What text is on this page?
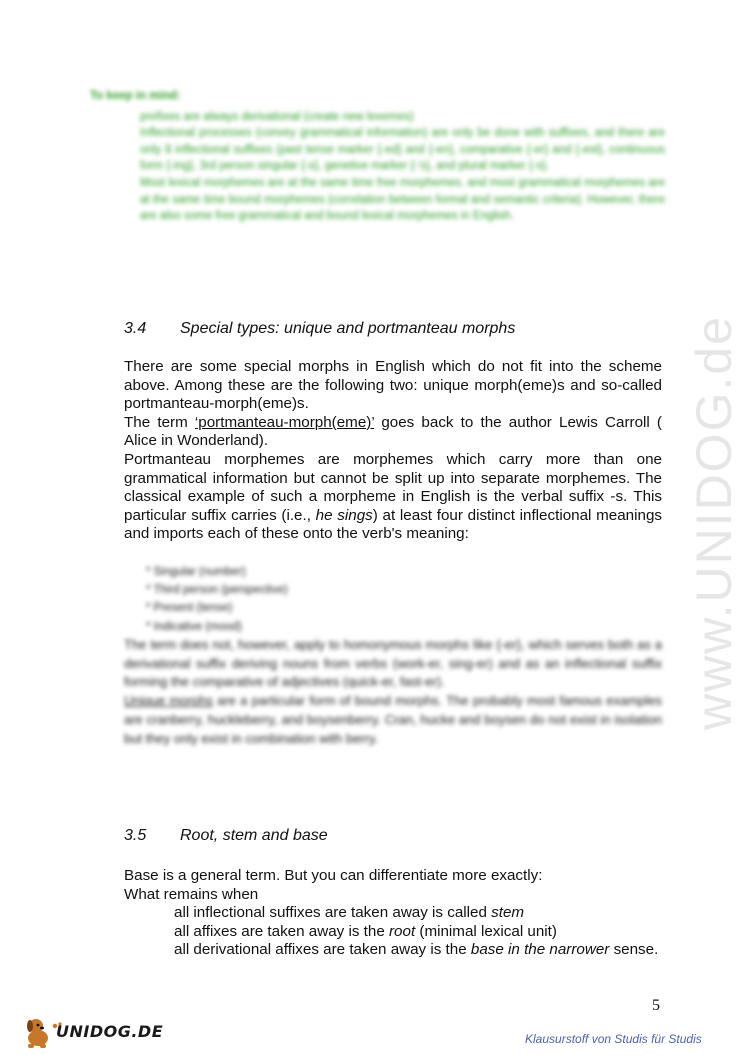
To keep in mind:

prefixes are always derivational (create new lexemes)

Inflectional processes (convey grammatical information) are only be done with suffixes, and there are only 8 inflectional suffixes (past tense marker {-ed} and {-en}, comparative {-er} and {-est}, continuous form {-ing}, 3rd person singular {-s}, genetive marker {-'s}, and plural marker {-s}.

Most lexical morphemes are at the same time free morphemes, and most grammatical morphemes are at the same time bound morphemes (correlation between formal and semantic criteria). However, there are also some free grammatical and bound lexical morphemes in English.

3.4 Special types: unique and portmanteau morphs

There are some special morphs in English which do not fit into the scheme above. Among these are the following two: unique morph(eme)s and so-called portmanteau-morph(eme)s.

The term ‘portmanteau-morph(eme)’ goes back to the author Lewis Carroll ( Alice in Wonderland).

Portmanteau morphemes are morphemes which carry more than one grammatical information but cannot be split up into separate morphemes. The classical example of such a morpheme in English is the verbal suffix -s. This particular suffix carries (i.e., he sings) at least four distinct inflectional meanings and imports each of these onto the verb's meaning:

* Singular (number)

* Third person (perspective)

* Present (tense)

* Indicative (mood)

The term does not, however, apply to homonymous morphs like {-er}, which serves both as a derivational suffix deriving nouns from verbs (work-er, sing-er) and as an inflectional suffix forming the comparative of adjectives (quick-er, fast-er).

Unique morphs are a particular form of bound morphs. The probably most famous examples are cranberry, huckleberry, and boysenberry. Cran, hucke and boysen do not exist in isolation but they only exist in combination with berry.

3.5 Root, stem and base

Base is a general term. But you can differentiate more exactly:

What remains when

all inflectional suffixes are taken away is called stem

all affixes are taken away is the root (minimal lexical unit)

all derivational affixes are taken away is the base in the narrower sense.

www.UNIDOG.de
5
UNIDOG.DE	Klausurstoff von Studis für Studis
